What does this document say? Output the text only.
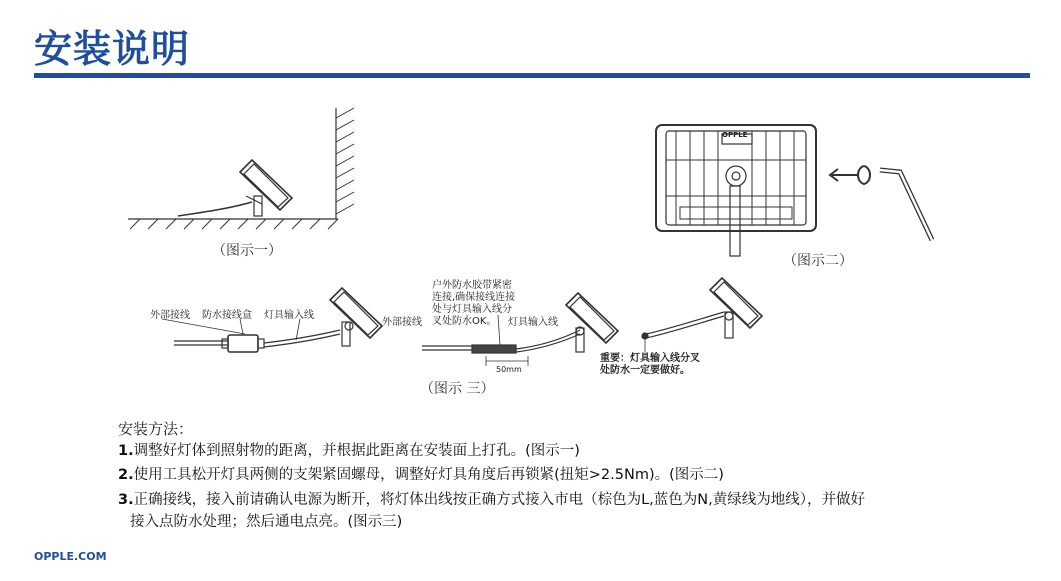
安装说明
（图示一）
（图示二）
（图示 三）
OPPLE
外部接线 防水接线盒 灯具输入线
外部接线
户外防水胶带紧密
连接,确保接线连接
处与灯具输入线分
叉处防水OK。	灯具输入线
50mm
重要：灯具输入线分叉
处防水一定要做好。
安装方法：
1.调整好灯体到照射物的距离，并根据此距离在安装面上打孔。(图示一)
2.使用工具松开灯具两侧的支架紧固螺母，调整好灯具角度后再锁紧(扭矩>2.5Nm)。(图示二)
3.正确接线，接入前请确认电源为断开，将灯体出线按正确方式接入市电（棕色为L,蓝色为N,黄绿线为地线），并做好
接入点防水处理；然后通电点亮。(图示三)
OPPLE.COM
